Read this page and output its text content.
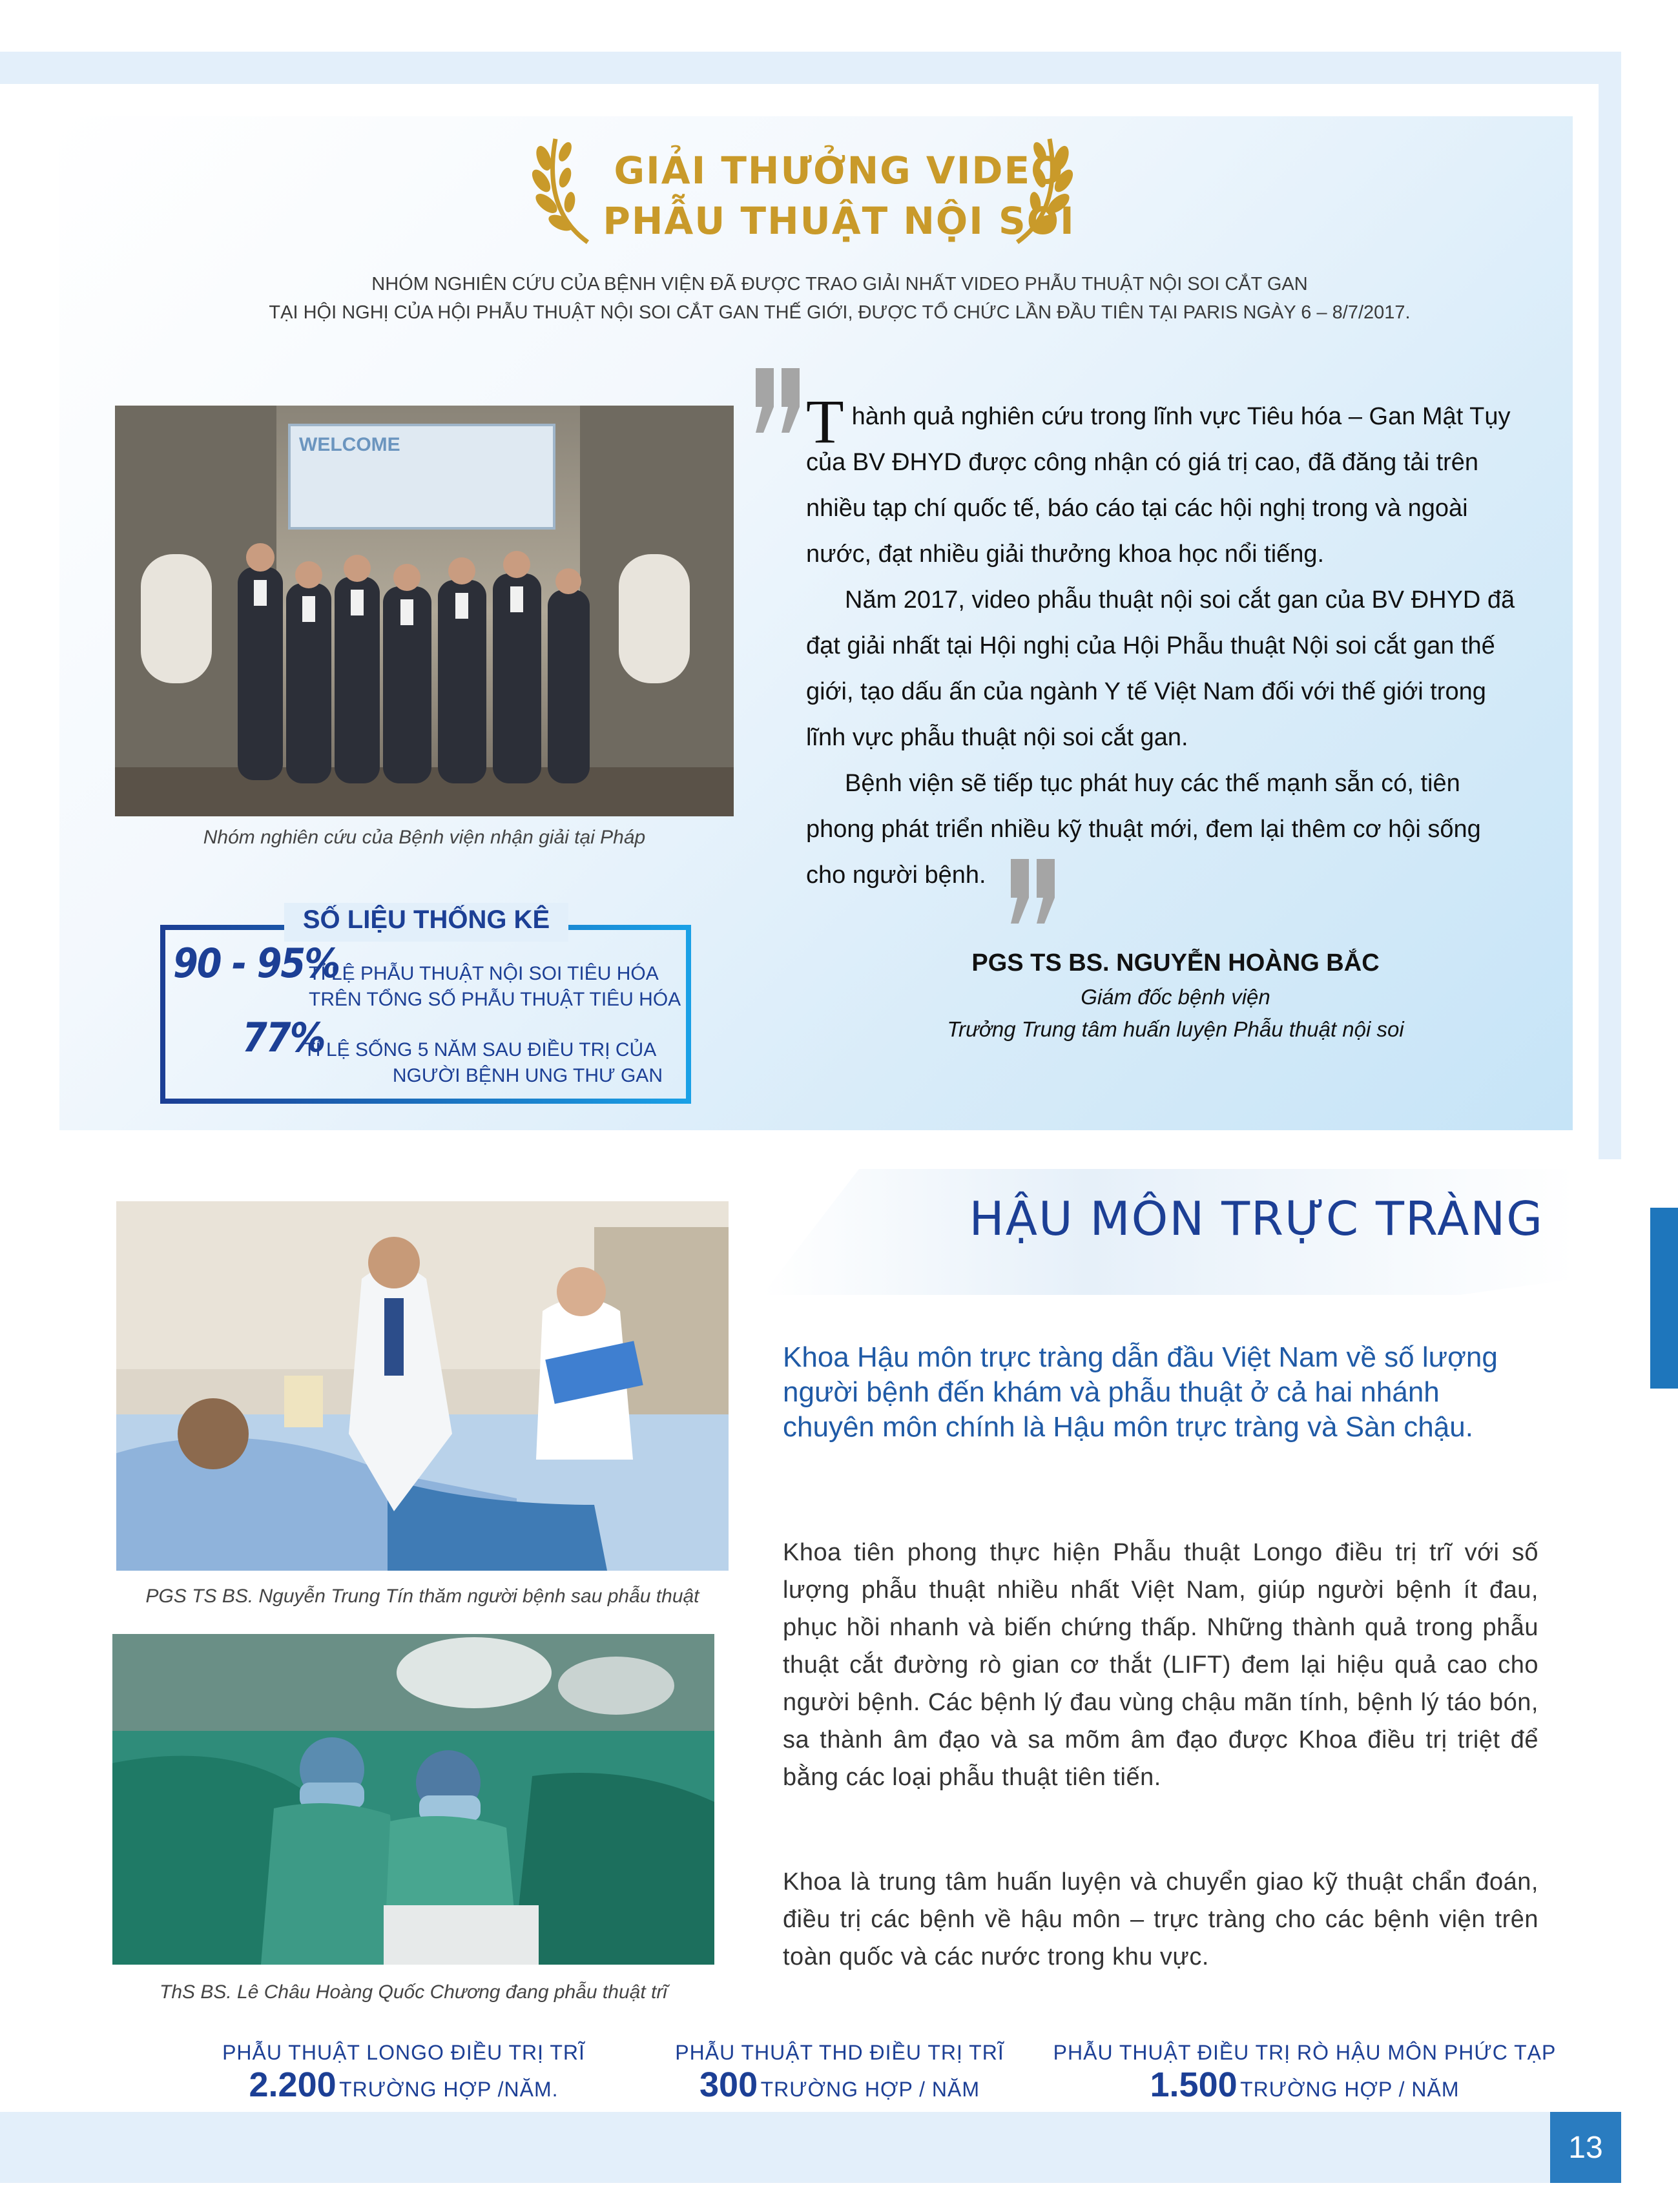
GIẢI THƯỞNG VIDEO
PHẪU THUẬT NỘI SOI
NHÓM NGHIÊN CỨU CỦA BỆNH VIỆN ĐÃ ĐƯỢC TRAO GIẢI NHẤT VIDEO PHẪU THUẬT NỘI SOI CẮT GAN
TẠI HỘI NGHỊ CỦA HỘI PHẪU THUẬT NỘI SOI CẮT GAN THẾ GIỚI, ĐƯỢC TỔ CHỨC LẦN ĐẦU TIÊN TẠI PARIS NGÀY 6 – 8/7/2017.
WELCOME
Nhóm nghiên cứu của Bệnh viện nhận giải tại Pháp

Thành quả nghiên cứu trong lĩnh vực Tiêu hóa – Gan Mật Tụy của BV ĐHYD được công nhận có giá trị cao, đã đăng tải trên nhiều tạp chí quốc tế, báo cáo tại các hội nghị trong và ngoài nước, đạt nhiều giải thưởng khoa học nổi tiếng.

Năm 2017, video phẫu thuật nội soi cắt gan của BV ĐHYD đã đạt giải nhất tại Hội nghị của Hội Phẫu thuật Nội soi cắt gan thế giới, tạo dấu ấn của ngành Y tế Việt Nam đối với thế giới trong lĩnh vực phẫu thuật nội soi cắt gan.

Bệnh viện sẽ tiếp tục phát huy các thế mạnh sẵn có, tiên phong phát triển nhiều kỹ thuật mới, đem lại thêm cơ hội sống cho người bệnh.

PGS TS BS. NGUYỄN HOÀNG BẮC
Giám đốc bệnh viện
Trưởng Trung tâm huấn luyện Phẫu thuật nội soi
SỐ LIỆU THỐNG KÊ
90 - 95%
TỈ LỆ PHẪU THUẬT NỘI SOI TIÊU HÓA
TRÊN TỔNG SỐ PHẪU THUẬT TIÊU HÓA
77%
TỈ LỆ SỐNG 5 NĂM SAU ĐIỀU TRỊ CỦA
NGƯỜI BỆNH UNG THƯ GAN
HẬU MÔN TRỰC TRÀNG
Khoa Hậu môn trực tràng dẫn đầu Việt Nam về số lượng người bệnh đến khám và phẫu thuật ở cả hai nhánh chuyên môn chính là Hậu môn trực tràng và Sàn chậu.
Khoa tiên phong thực hiện Phẫu thuật Longo điều trị trĩ với số lượng phẫu thuật nhiều nhất Việt Nam, giúp người bệnh ít đau, phục hồi nhanh và biến chứng thấp. Những thành quả trong phẫu thuật cắt đường rò gian cơ thắt (LIFT) đem lại hiệu quả cao cho người bệnh. Các bệnh lý đau vùng chậu mãn tính, bệnh lý táo bón, sa thành âm đạo và sa mõm âm đạo được Khoa điều trị triệt để bằng các loại phẫu thuật tiên tiến.
Khoa là trung tâm huấn luyện và chuyển giao kỹ thuật chẩn đoán, điều trị các bệnh về hậu môn – trực tràng cho các bệnh viện trên toàn quốc và các nước trong khu vực.
PGS TS BS. Nguyễn Trung Tín thăm người bệnh sau phẫu thuật
ThS BS. Lê Châu Hoàng Quốc Chương đang phẫu thuật trĩ
PHẪU THUẬT LONGO ĐIỀU TRỊ TRĨ
2.200 TRƯỜNG HỢP /NĂM.
PHẪU THUẬT THD ĐIỀU TRỊ TRĨ
300 TRƯỜNG HỢP / NĂM
PHẪU THUẬT ĐIỀU TRỊ RÒ HẬU MÔN PHỨC TẠP
1.500 TRƯỜNG HỢP / NĂM
13
